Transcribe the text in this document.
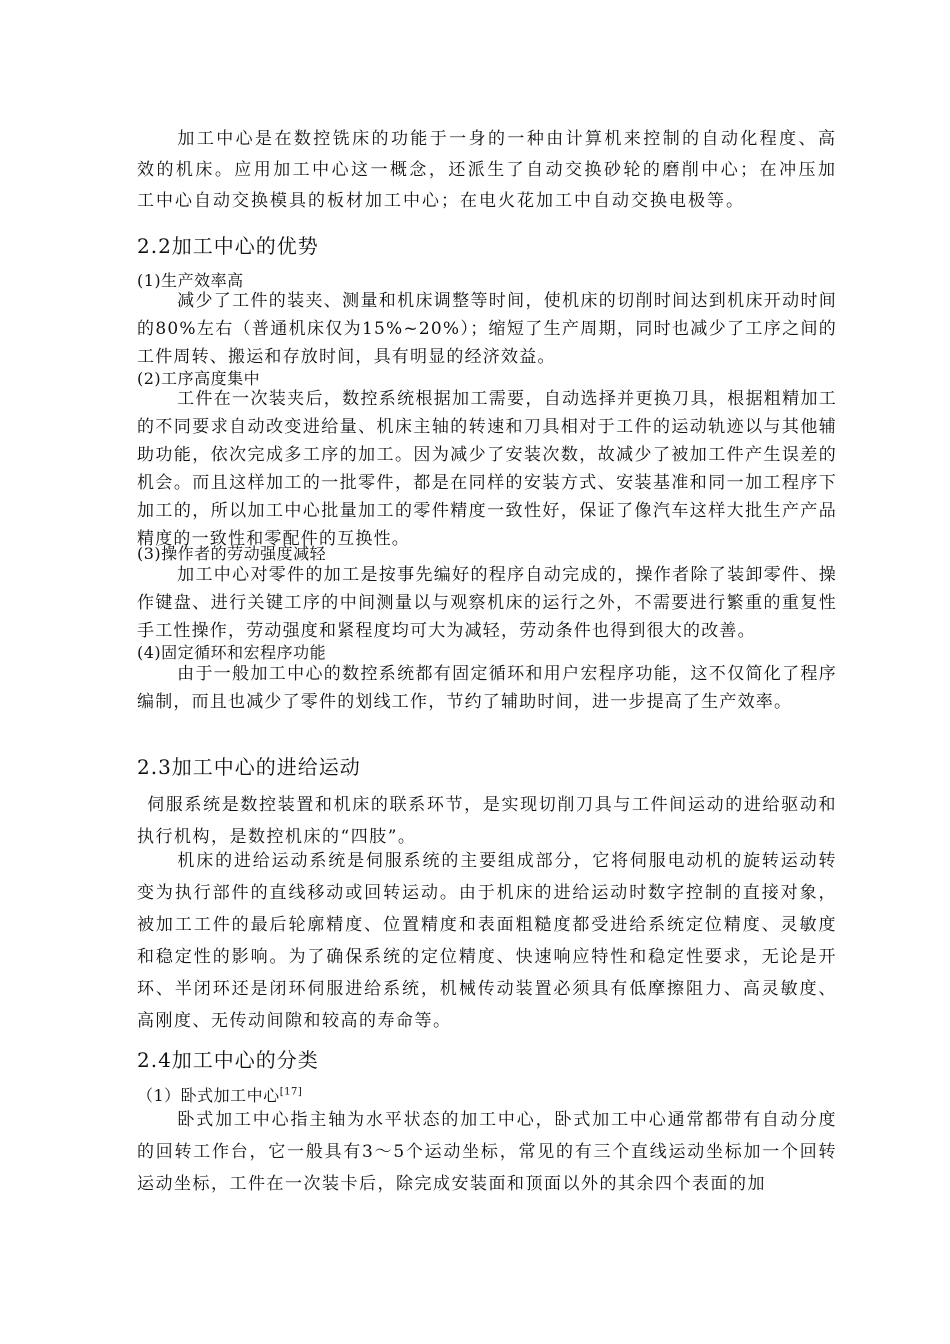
加工中心是在数控铣床的功能于一身的一种由计算机来控制的自动化程度、高效的机床。应用加工中心这一概念，还派生了自动交换砂轮的磨削中心；在冲压加工中心自动交换模具的板材加工中心；在电火花加工中自动交换电极等。

2.2加工中心的优势
(1)生产效率高

减少了工件的装夹、测量和机床调整等时间，使机床的切削时间达到机床开动时间的80%左右（普通机床仅为15%~20%）；缩短了生产周期，同时也减少了工序之间的工件周转、搬运和存放时间，具有明显的经济效益。

(2)工序高度集中

工件在一次装夹后，数控系统根据加工需要，自动选择并更换刀具，根据粗精加工的不同要求自动改变进给量、机床主轴的转速和刀具相对于工件的运动轨迹以与其他辅助功能，依次完成多工序的加工。因为减少了安装次数，故减少了被加工件产生误差的机会。而且这样加工的一批零件，都是在同样的安装方式、安装基准和同一加工程序下加工的，所以加工中心批量加工的零件精度一致性好，保证了像汽车这样大批生产产品精度的一致性和零配件的互换性。

(3)操作者的劳动强度减轻

加工中心对零件的加工是按事先编好的程序自动完成的，操作者除了装卸零件、操作键盘、进行关键工序的中间测量以与观察机床的运行之外，不需要进行繁重的重复性手工性操作，劳动强度和紧程度均可大为减轻，劳动条件也得到很大的改善。

(4)固定循环和宏程序功能

由于一般加工中心的数控系统都有固定循环和用户宏程序功能，这不仅简化了程序编制，而且也减少了零件的划线工作，节约了辅助时间，进一步提高了生产效率。

2.3加工中心的进给运动

伺服系统是数控装置和机床的联系环节，是实现切削刀具与工件间运动的进给驱动和执行机构，是数控机床的“四肢”。

机床的进给运动系统是伺服系统的主要组成部分，它将伺服电动机的旋转运动转变为执行部件的直线移动或回转运动。由于机床的进给运动时数字控制的直接对象，被加工工件的最后轮廓精度、位置精度和表面粗糙度都受进给系统定位精度、灵敏度和稳定性的影响。为了确保系统的定位精度、快速响应特性和稳定性要求，无论是开环、半闭环还是闭环伺服进给系统，机械传动装置必须具有低摩擦阻力、高灵敏度、高刚度、无传动间隙和较高的寿命等。

2.4加工中心的分类
（1）卧式加工中心[17]

卧式加工中心指主轴为水平状态的加工中心，卧式加工中心通常都带有自动分度的回转工作台，它一般具有3～5个运动坐标，常见的有三个直线运动坐标加一个回转运动坐标，工件在一次装卡后，除完成安装面和顶面以外的其余四个表面的加
